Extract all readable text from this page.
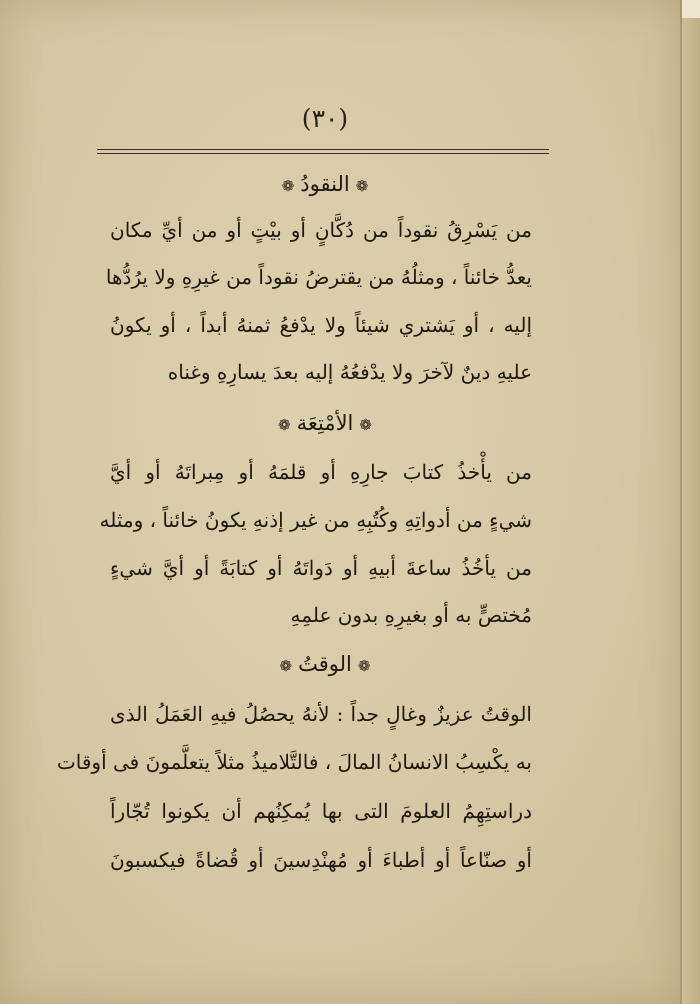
(٣٠)
❁النقودُ❁
من يَسْرِقُ نقوداً من دُكَّانٍ أو بيْتٍ أو من أيِّ مكان
يعدُّ خائناً ، ومثلُهُ من يقترضُ نقوداً من غيرِهِ ولا يرُدُّها
إليه ، أو يَشتري شيئاً ولا يدْفعُ ثمنهُ أبداً ، أو يكونُ
عليهِ دينٌ لآخرَ ولا يدْفعُهُ إليه بعدَ يسارِهِ وغناه
❁الأمْتِعَة❁
من يأْخذُ كتابَ جارِهِ أو قلمَهُ أو مِبراتَهُ أو أيَّ
شيءٍ من أدواتِهِ وكُتُبِهِ من غير إذنهِ يكونُ خائناً ، ومثله
من يأخُذُ ساعةَ أبيهِ أو دَواتَهُ أو كتابَةً أو أيَّ شيءٍ
مُختصٍّ به أو بغيرِهِ بدون علمِهِ
❁الوقتُ❁
الوقتُ عزيزٌ وغالٍ جداً : لأنهُ يحصُلُ فيهِ العَمَلُ الذى
به يكْسِبُ الانسانُ المالَ ، فالتَّلاميذُ مثلاً يتعلَّمونَ فى أوقات
دراستِهِمُ العلومَ التى بها يُمكِنُهم أن يكونوا تُجّاراً
أو صنّاعاً أو أطباءَ أو مُهنْدِسينَ أو قُضاةً فيكسبونَ
